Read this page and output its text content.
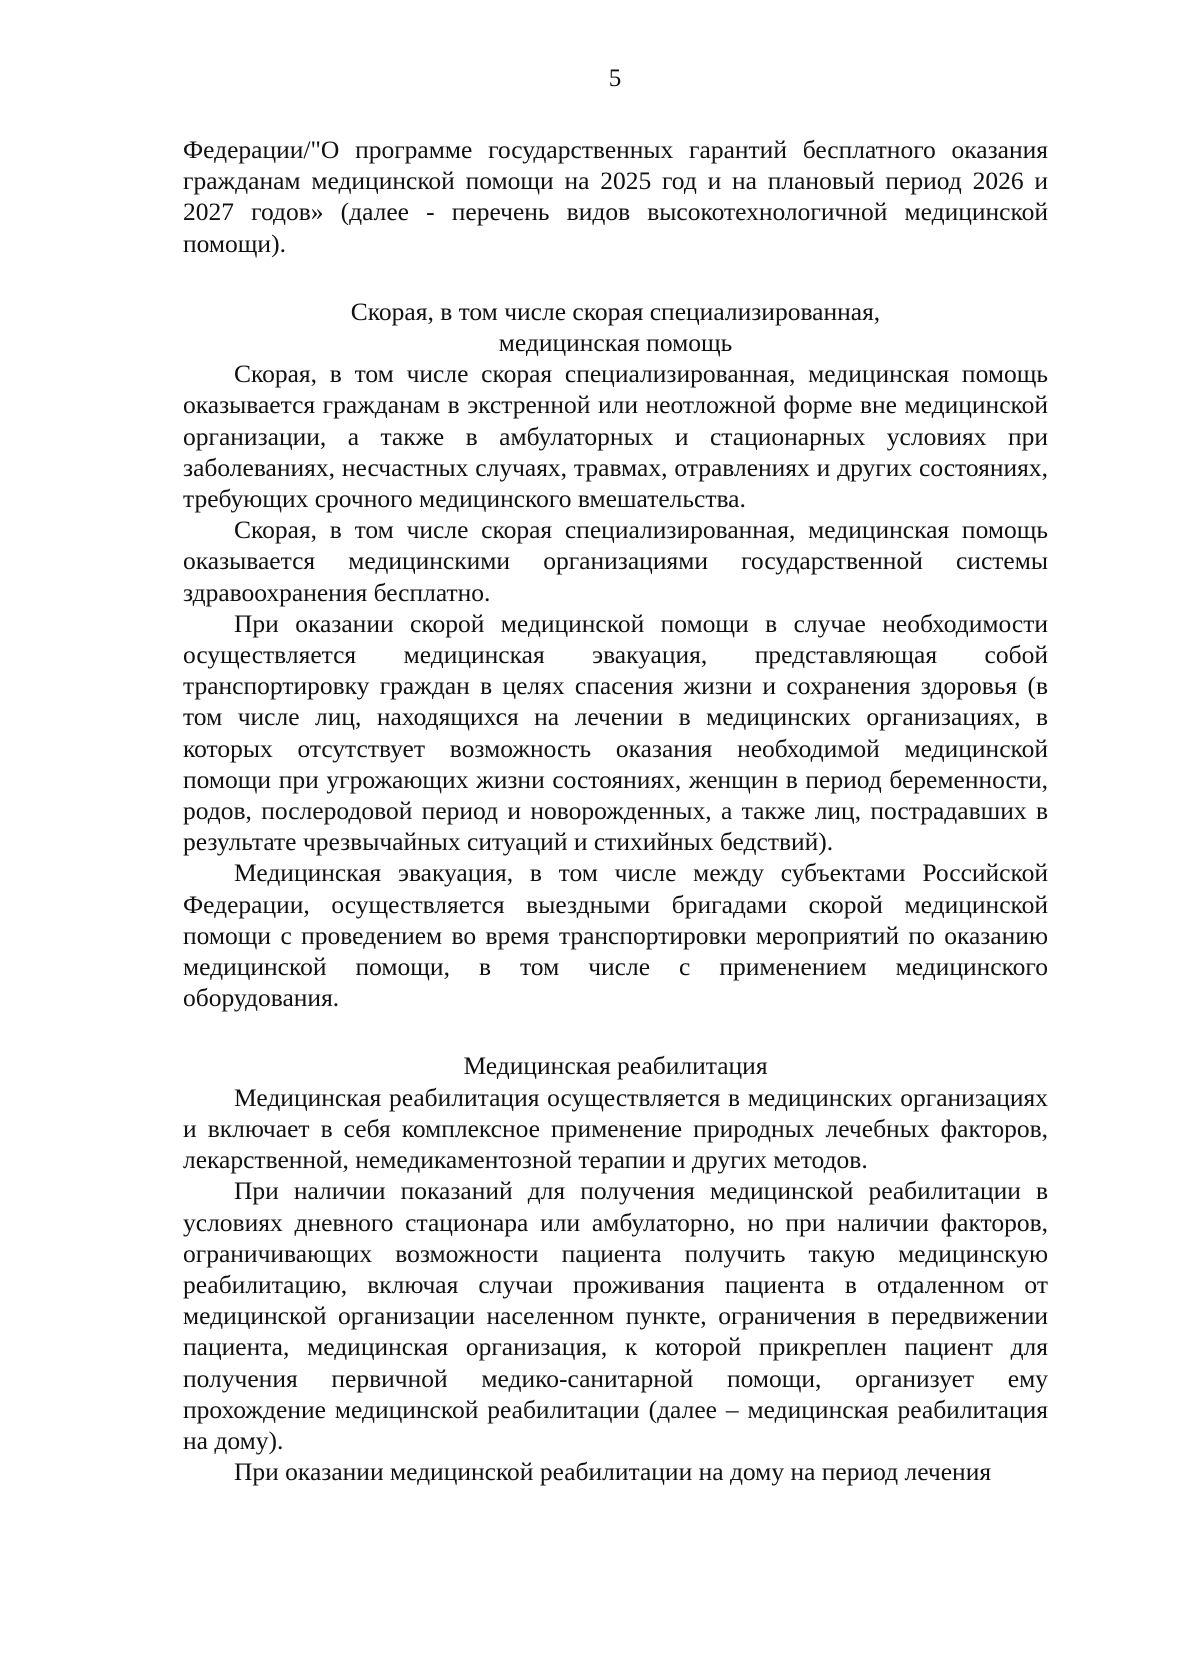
5

Федерации/"О программе государственных гарантий бесплатного оказания гражданам медицинской помощи на 2025 год и на плановый период 2026 и 2027 годов» (далее - перечень видов высокотехнологичной медицинской помощи).

Скорая, в том числе скорая специализированная,

медицинская помощь

Скорая, в том числе скорая специализированная, медицинская помощь оказывается гражданам в экстренной или неотложной форме вне медицинской организации, а также в амбулаторных и стационарных условиях при заболеваниях, несчастных случаях, травмах, отравлениях и других состояниях, требующих срочного медицинского вмешательства.

Скорая, в том числе скорая специализированная, медицинская помощь оказывается медицинскими организациями государственной системы здравоохранения бесплатно.

При оказании скорой медицинской помощи в случае необходимости осуществляется медицинская эвакуация, представляющая собой транспортировку граждан в целях спасения жизни и сохранения здоровья (в том числе лиц, находящихся на лечении в медицинских организациях, в которых отсутствует возможность оказания необходимой медицинской помощи при угрожающих жизни состояниях, женщин в период беременности, родов, послеродовой период и новорожденных, а также лиц, пострадавших в результате чрезвычайных ситуаций и стихийных бедствий).

Медицинская эвакуация, в том числе между субъектами Российской Федерации, осуществляется выездными бригадами скорой медицинской помощи с проведением во время транспортировки мероприятий по оказанию медицинской помощи, в том числе с применением медицинского оборудования.

Медицинская реабилитация

Медицинская реабилитация осуществляется в медицинских организациях и включает в себя комплексное применение природных лечебных факторов, лекарственной, немедикаментозной терапии и других методов.

При наличии показаний для получения медицинской реабилитации в условиях дневного стационара или амбулаторно, но при наличии факторов, ограничивающих возможности пациента получить такую медицинскую реабилитацию, включая случаи проживания пациента в отдаленном от медицинской организации населенном пункте, ограничения в передвижении пациента, медицинская организация, к которой прикреплен пациент для получения первичной медико-санитарной помощи, организует ему прохождение медицинской реабилитации (далее – медицинская реабилитация на дому).

При оказании медицинской реабилитации на дому на период лечения
